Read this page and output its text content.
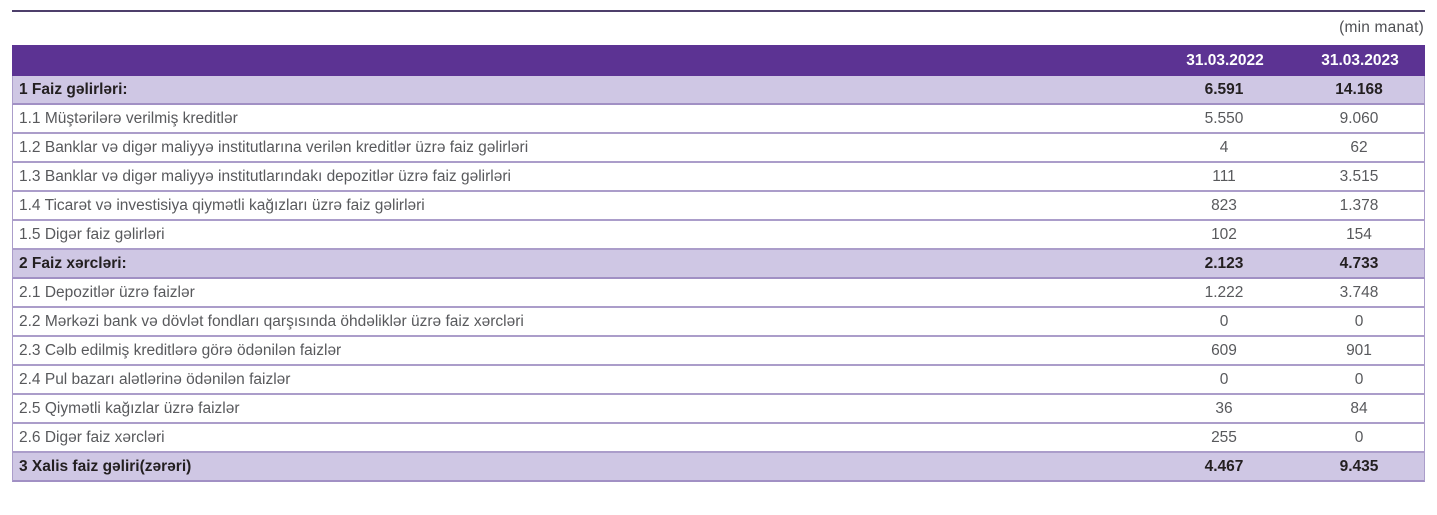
(min manat)
31.03.2022	31.03.2023
1 Faiz gəlirləri:	6.591	14.168
1.1 Müştərilərə verilmiş kreditlər	5.550	9.060
1.2 Banklar və digər maliyyə institutlarına verilən kreditlər üzrə faiz gəlirləri	4	62
1.3 Banklar və digər maliyyə institutlarındakı depozitlər üzrə faiz gəlirləri	111	3.515
1.4 Ticarət və investisiya qiymətli kağızları üzrə faiz gəlirləri	823	1.378
1.5 Digər faiz gəlirləri	102	154
2 Faiz xərcləri:	2.123	4.733
2.1 Depozitlər üzrə faizlər	1.222	3.748
2.2 Mərkəzi bank və dövlət fondları qarşısında öhdəliklər üzrə faiz xərcləri	0	0
2.3 Cəlb edilmiş kreditlərə görə ödənilən faizlər	609	901
2.4 Pul bazarı alətlərinə ödənilən faizlər	0	0
2.5 Qiymətli kağızlar üzrə faizlər	36	84
2.6 Digər faiz xərcləri	255	0
3 Xalis faiz gəliri(zərəri)	4.467	9.435
